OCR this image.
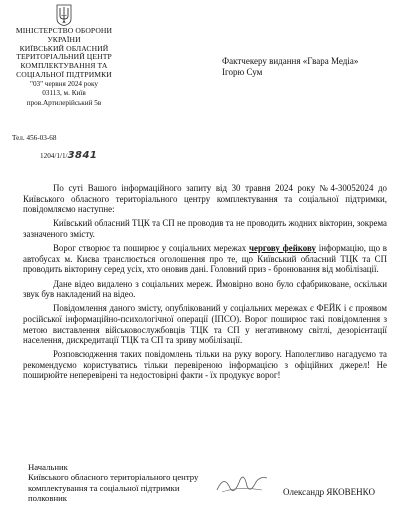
МІНІСТЕРСТВО ОБОРОНИ
УКРАЇНИ
КИЇВСЬКИЙ ОБЛАСНИЙ
ТЕРИТОРІАЛЬНИЙ ЦЕНТР
КОМПЛЕКТУВАННЯ ТА
СОЦІАЛЬНОЇ ПІДТРИМКИ
"03" червня 2024 року
03113, м. Київ
пров.Артилерійський 5в
Тел. 456-03-68
1204/1/1/3841
Фактчекеру видання «Гвара Медіа»
Ігорю Сум

По суті Вашого інформаційного запиту від 30 травня 2024 року №4-30052024 до Київського обласного територіального центру комплектування та соціальної підтримки, повідомляємо наступне:

Київський обласний ТЦК та СП не проводив та не проводить жодних вікторин, зокрема зазначеного змісту.

Ворог створює та поширює у соціальних мережах чергову фейкову інформацію, що в автобусах м. Києва транслюється оголошення про те, що Київський обласний ТЦК та СП проводить вікторину серед усіх, хто оновив дані. Головний приз - бронювання від мобілізації.

Дане відео видалено з соціальних мереж. Ймовірно воно було сфабриковане, оскільки звук був накладений на відео.

Повідомлення даного змісту, опублікований у соціальних мережах є ФЕЙК і є проявом російської інформаційно-психологічної операції (ІПСО). Ворог поширює такі повідомлення з метою виставлення військовослужбовців ТЦК та СП у негативному світлі, дезорієнтації населення, дискредитації ТЦК та СП та зриву мобілізації.

Розповсюдження таких повідомлень тільки на руку ворогу. Наполегливо нагадуємо та рекомендуємо користуватись тільки перевіреною інформацією з офіційних джерел! Не поширюйте неперевірені та недостовірні факти - їх продукує ворог!

Начальник
Київського обласного територіального центру
комплектування та соціальної підтримки
полковник
Олександр ЯКОВЕНКО
